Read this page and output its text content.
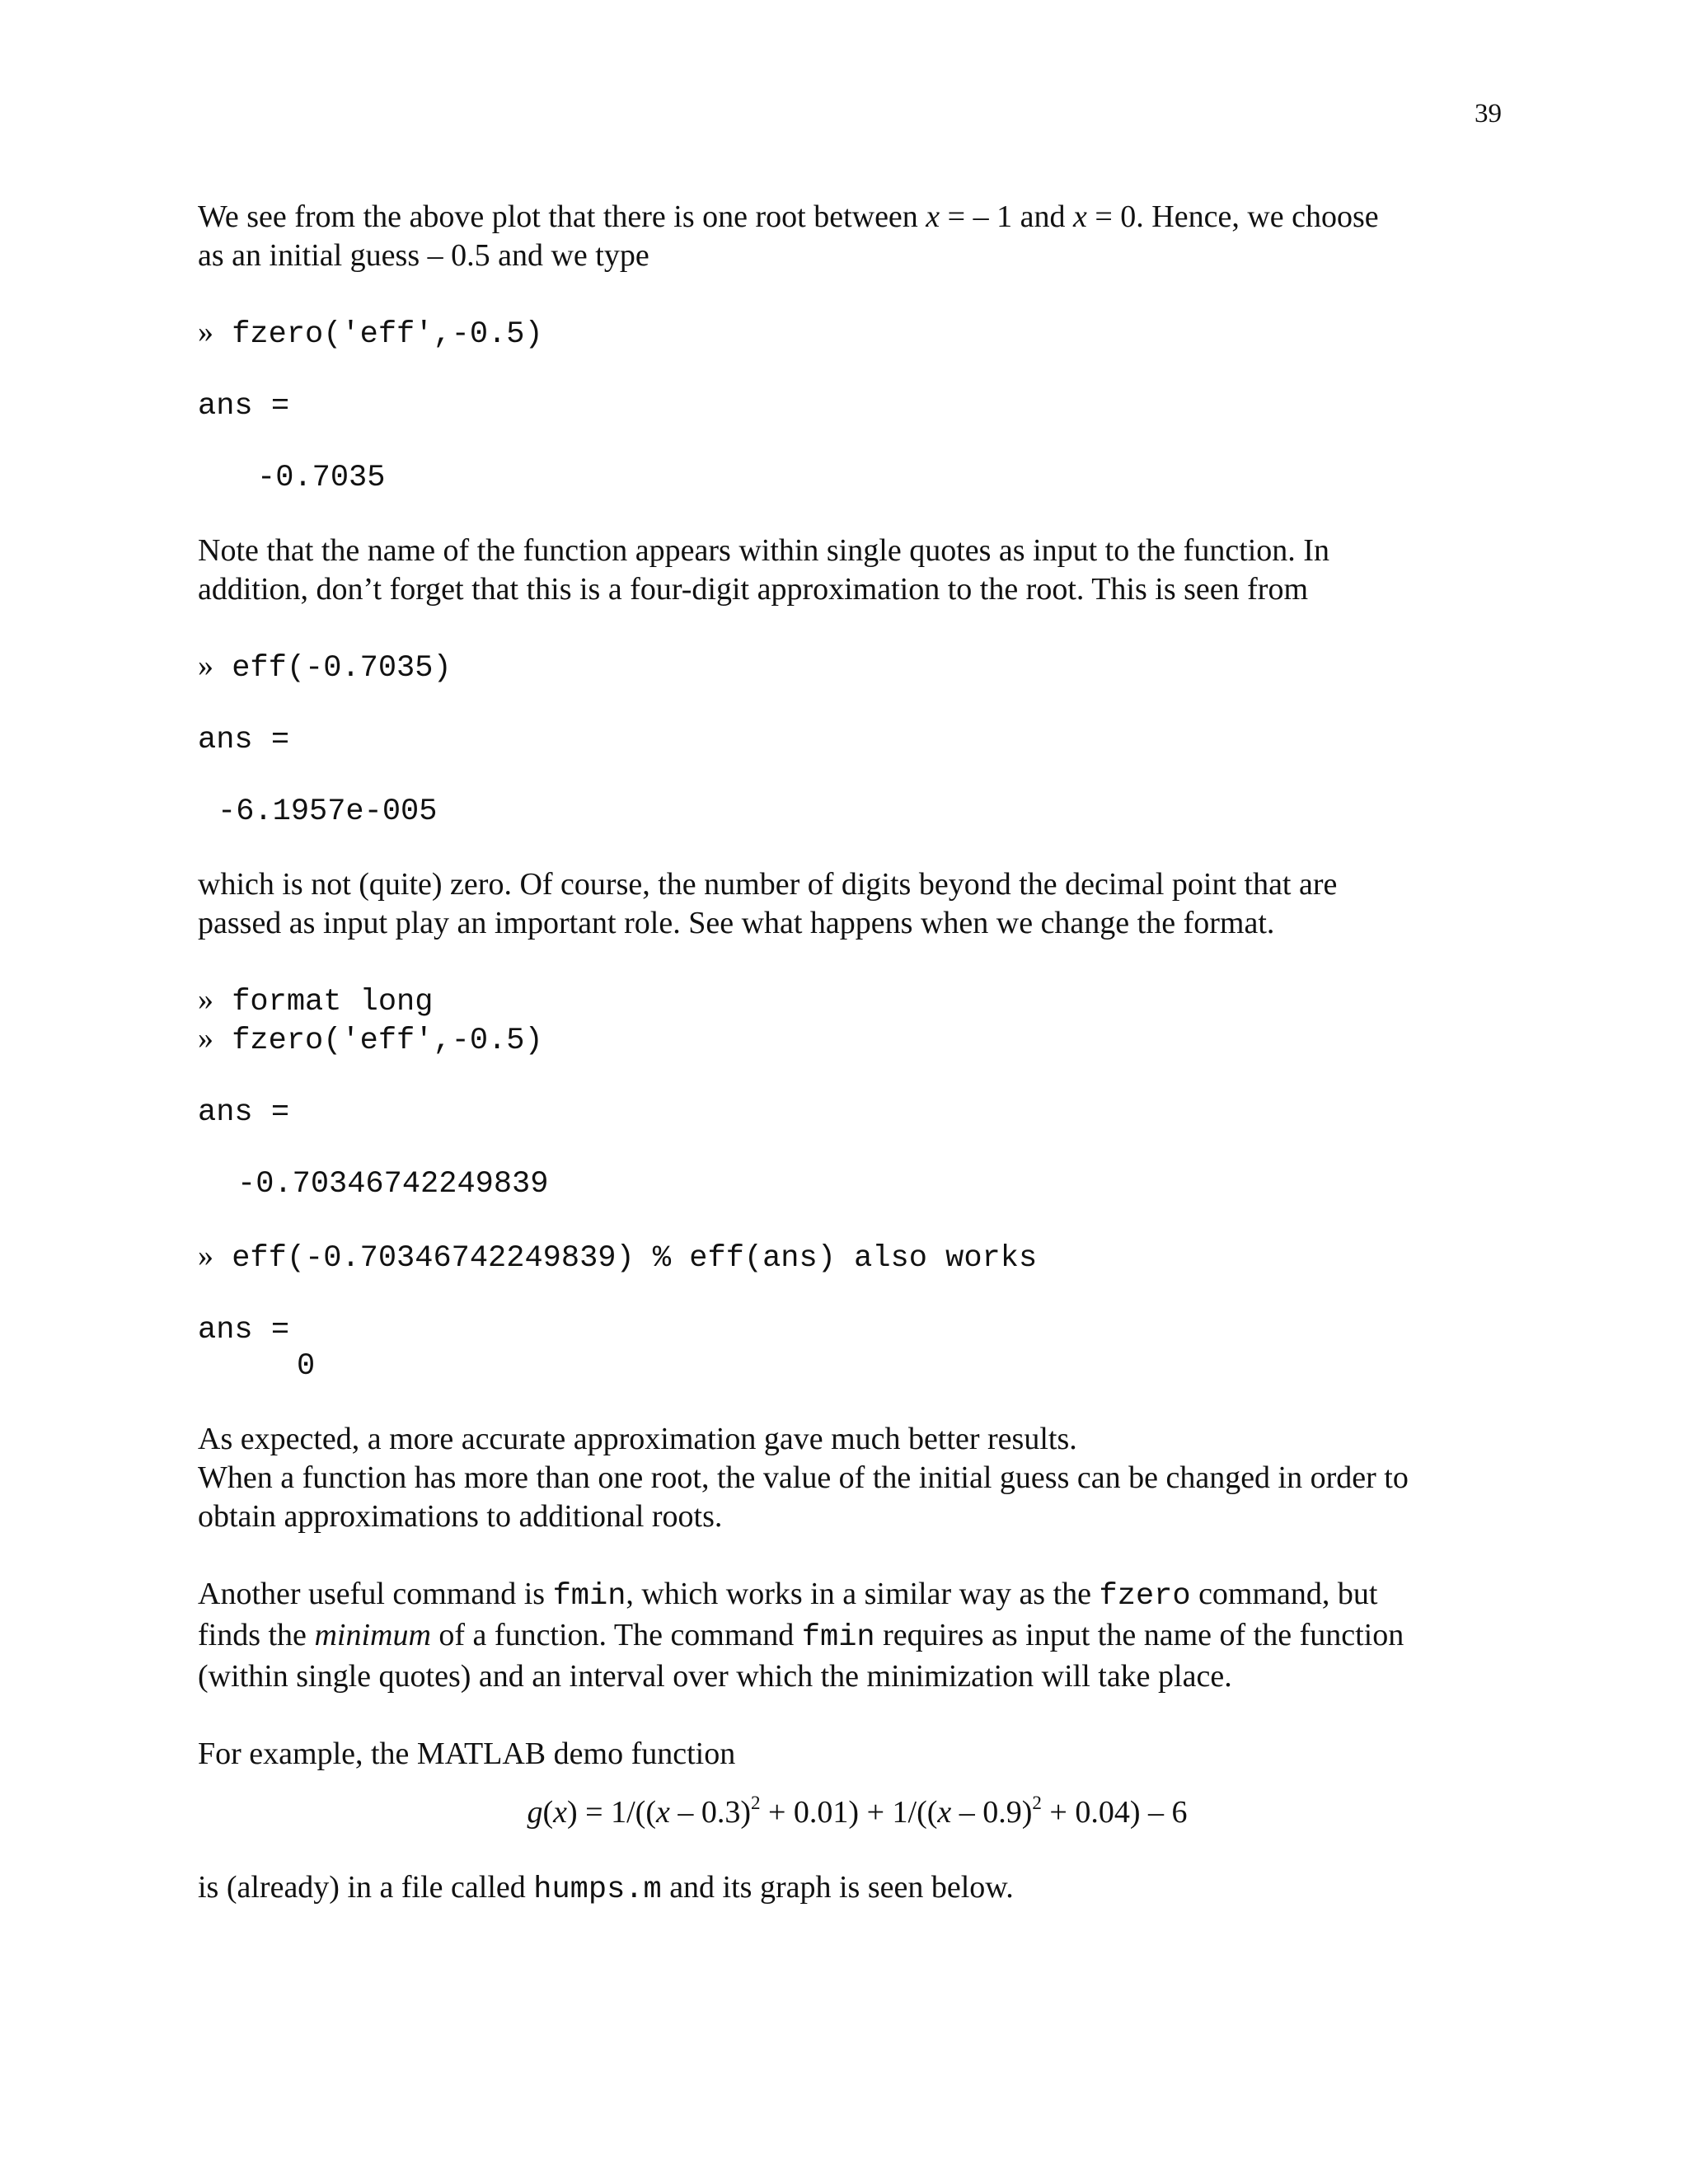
39

We see from the above plot that there is one root between x = – 1 and x = 0. Hence, we choose
as an initial guess – 0.5 and we type

» fzero('eff',-0.5)
ans =
-0.7035

Note that the name of the function appears within single quotes as input to the function. In
addition, don’t forget that this is a four-digit approximation to the root. This is seen from

» eff(-0.7035)
ans =
-6.1957e-005

which is not (quite) zero. Of course, the number of digits beyond the decimal point that are
passed as input play an important role. See what happens when we change the format.

» format long
» fzero('eff',-0.5)
ans =
-0.70346742249839
» eff(-0.70346742249839) % eff(ans) also works
ans =
0

As expected, a more accurate approximation gave much better results.
When a function has more than one root, the value of the initial guess can be changed in order to
obtain approximations to additional roots.

Another useful command is fmin, which works in a similar way as the fzero command, but
finds the minimum of a function. The command fmin requires as input the name of the function
(within single quotes) and an interval over which the minimization will take place.

For example, the MATLAB demo function

g(x) = 1/((x – 0.3)$^2$ + 0.01) + 1/((x – 0.9)$^2$ + 0.04) – 6

is (already) in a file called humps.m and its graph is seen below.
